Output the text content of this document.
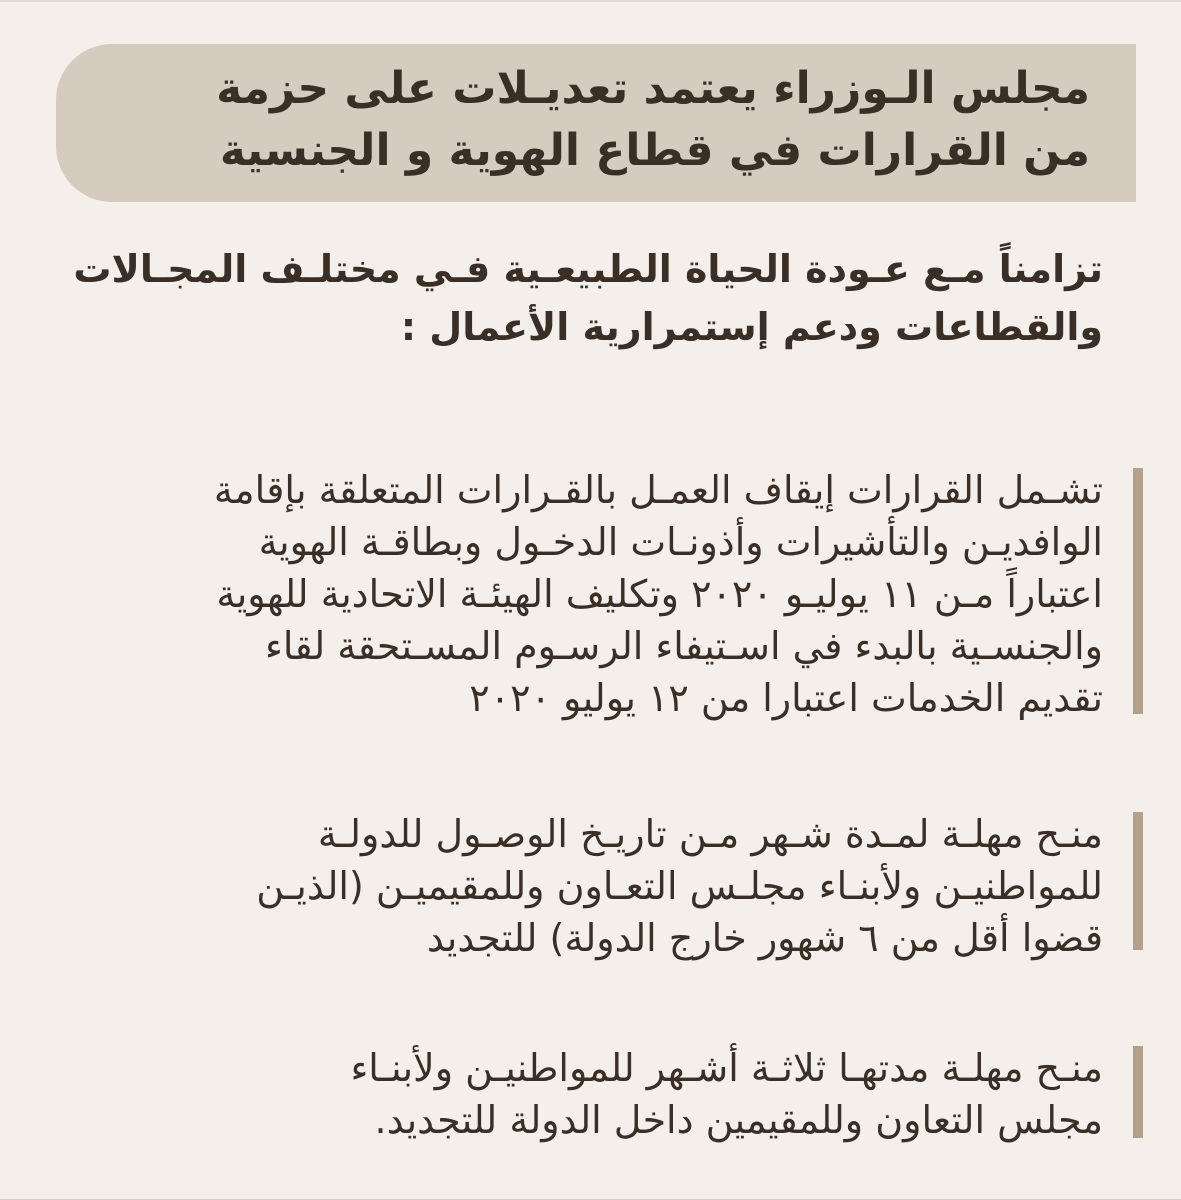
مجلس الـوزراء يعتمد تعديـلات على حزمة
من القرارات في قطاع الهوية و الجنسية
تزامناً مـع عـودة الحياة الطبيعـية فـي مختلـف المجـالات
والقطاعات ودعم إستمرارية الأعمال :
تشـمل القرارات إيقاف العمـل بالقـرارات المتعلقة بإقامة
الوافديـن والتأشيرات وأذونـات الدخـول وبطاقـة الهوية
اعتباراً مـن ١١ يوليـو ٢٠٢٠ وتكليف الهيئـة الاتحادية للهوية
والجنسـية بالبدء في اسـتيفاء الرسـوم المسـتحقة لقاء
تقديم الخدمات اعتبارا من ١٢ يوليو ٢٠٢٠
منـح مهلـة لمـدة شـهر مـن تاريـخ الوصـول للدولـة
للمواطنيـن ولأبنـاء مجلـس التعـاون وللمقيميـن (الذيـن
قضوا أقل من ٦ شهور خارج الدولة) للتجديد
منـح مهلـة مدتهـا ثلاثـة أشـهر للمواطنيـن ولأبنـاء
مجلس التعاون وللمقيمين داخل الدولة للتجديد.
